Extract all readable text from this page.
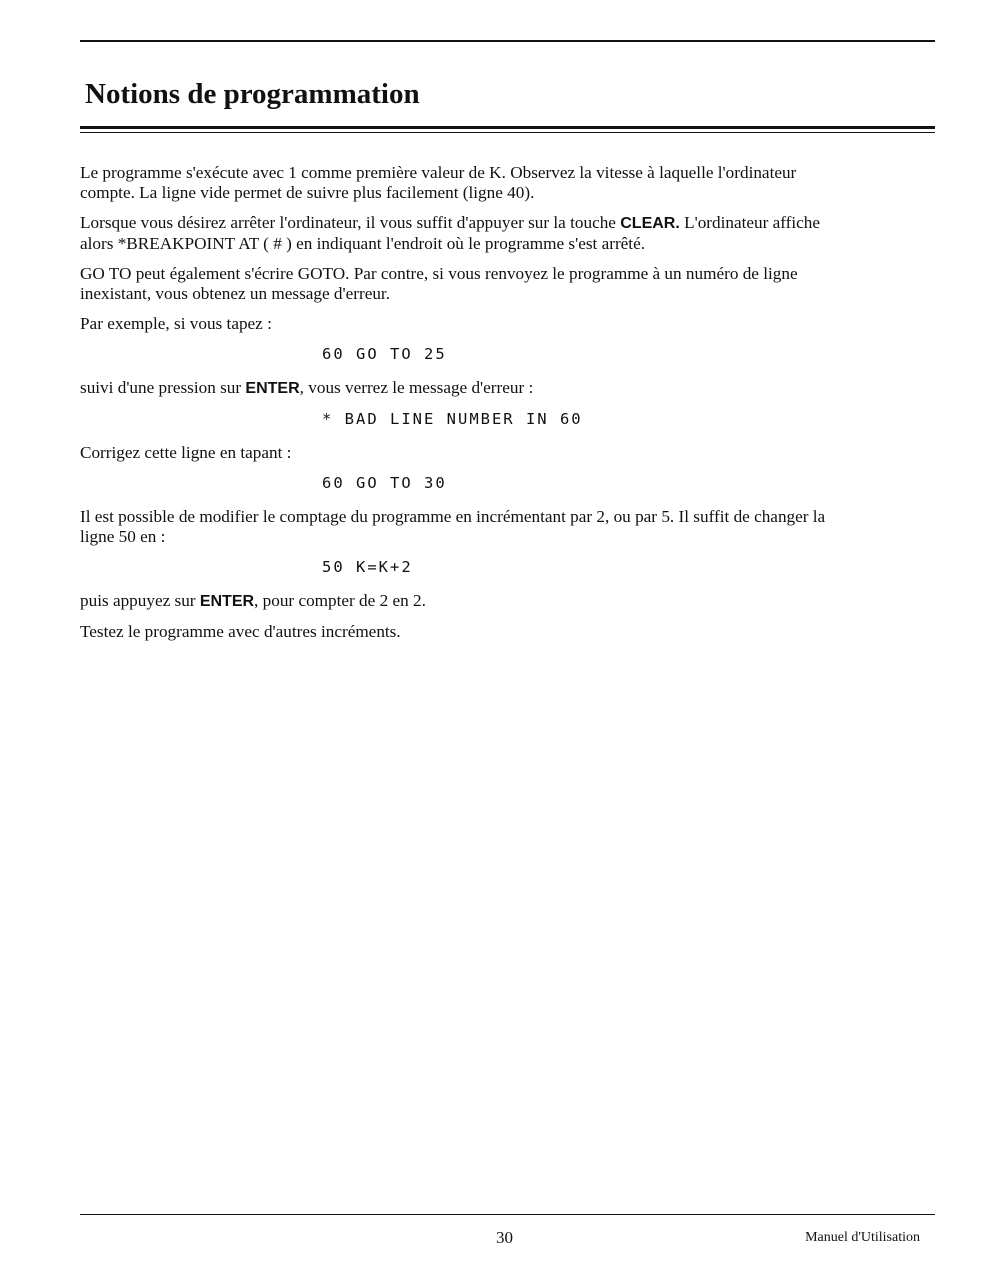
Notions de programmation

Le programme s'exécute avec 1 comme première valeur de K. Observez la vitesse à laquelle l'ordinateur compte. La ligne vide permet de suivre plus facilement (ligne 40).

Lorsque vous désirez arrêter l'ordinateur, il vous suffit d'appuyer sur la touche CLEAR. L'ordinateur affiche alors *BREAKPOINT AT ( # ) en indiquant l'endroit où le programme s'est arrêté.

GO TO peut également s'écrire GOTO. Par contre, si vous renvoyez le programme à un numéro de ligne inexistant, vous obtenez un message d'erreur.

Par exemple, si vous tapez :

60 GO TO 25

suivi d'une pression sur ENTER, vous verrez le message d'erreur :

* BAD LINE NUMBER IN 60

Corrigez cette ligne en tapant :

60 GO TO 30

Il est possible de modifier le comptage du programme en incrémentant par 2, ou par 5. Il suffit de changer la ligne 50 en :

50 K=K+2

puis appuyez sur ENTER, pour compter de 2 en 2.

Testez le programme avec d'autres incréments.

30	Manuel d'Utilisation
